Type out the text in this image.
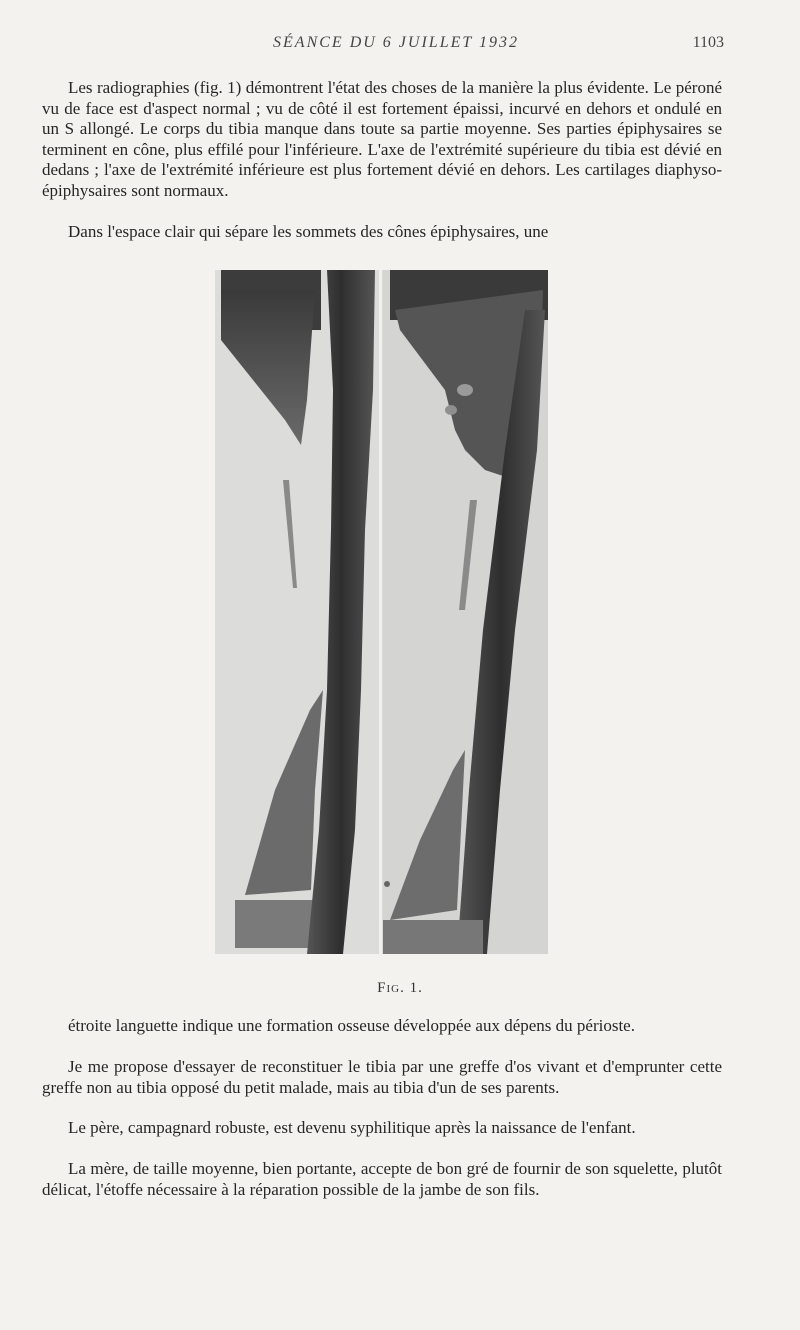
SÉANCE DU 6 JUILLET 1932	1103

Les radiographies (fig. 1) démontrent l'état des choses de la manière la plus évidente. Le péroné vu de face est d'aspect normal ; vu de côté il est fortement épaissi, incurvé en dehors et ondulé en un S allongé. Le corps du tibia manque dans toute sa partie moyenne. Ses parties épiphysaires se terminent en cône, plus effilé pour l'inférieure. L'axe de l'extrémité supérieure du tibia est dévié en dedans ; l'axe de l'extrémité inférieure est plus fortement dévié en dehors. Les cartilages diaphyso-épiphysaires sont normaux.

Dans l'espace clair qui sépare les sommets des cônes épiphysaires, une

Fig. 1.

étroite languette indique une formation osseuse développée aux dépens du périoste.

Je me propose d'essayer de reconstituer le tibia par une greffe d'os vivant et d'emprunter cette greffe non au tibia opposé du petit malade, mais au tibia d'un de ses parents.

Le père, campagnard robuste, est devenu syphilitique après la naissance de l'enfant.

La mère, de taille moyenne, bien portante, accepte de bon gré de fournir de son squelette, plutôt délicat, l'étoffe nécessaire à la réparation possible de la jambe de son fils.
